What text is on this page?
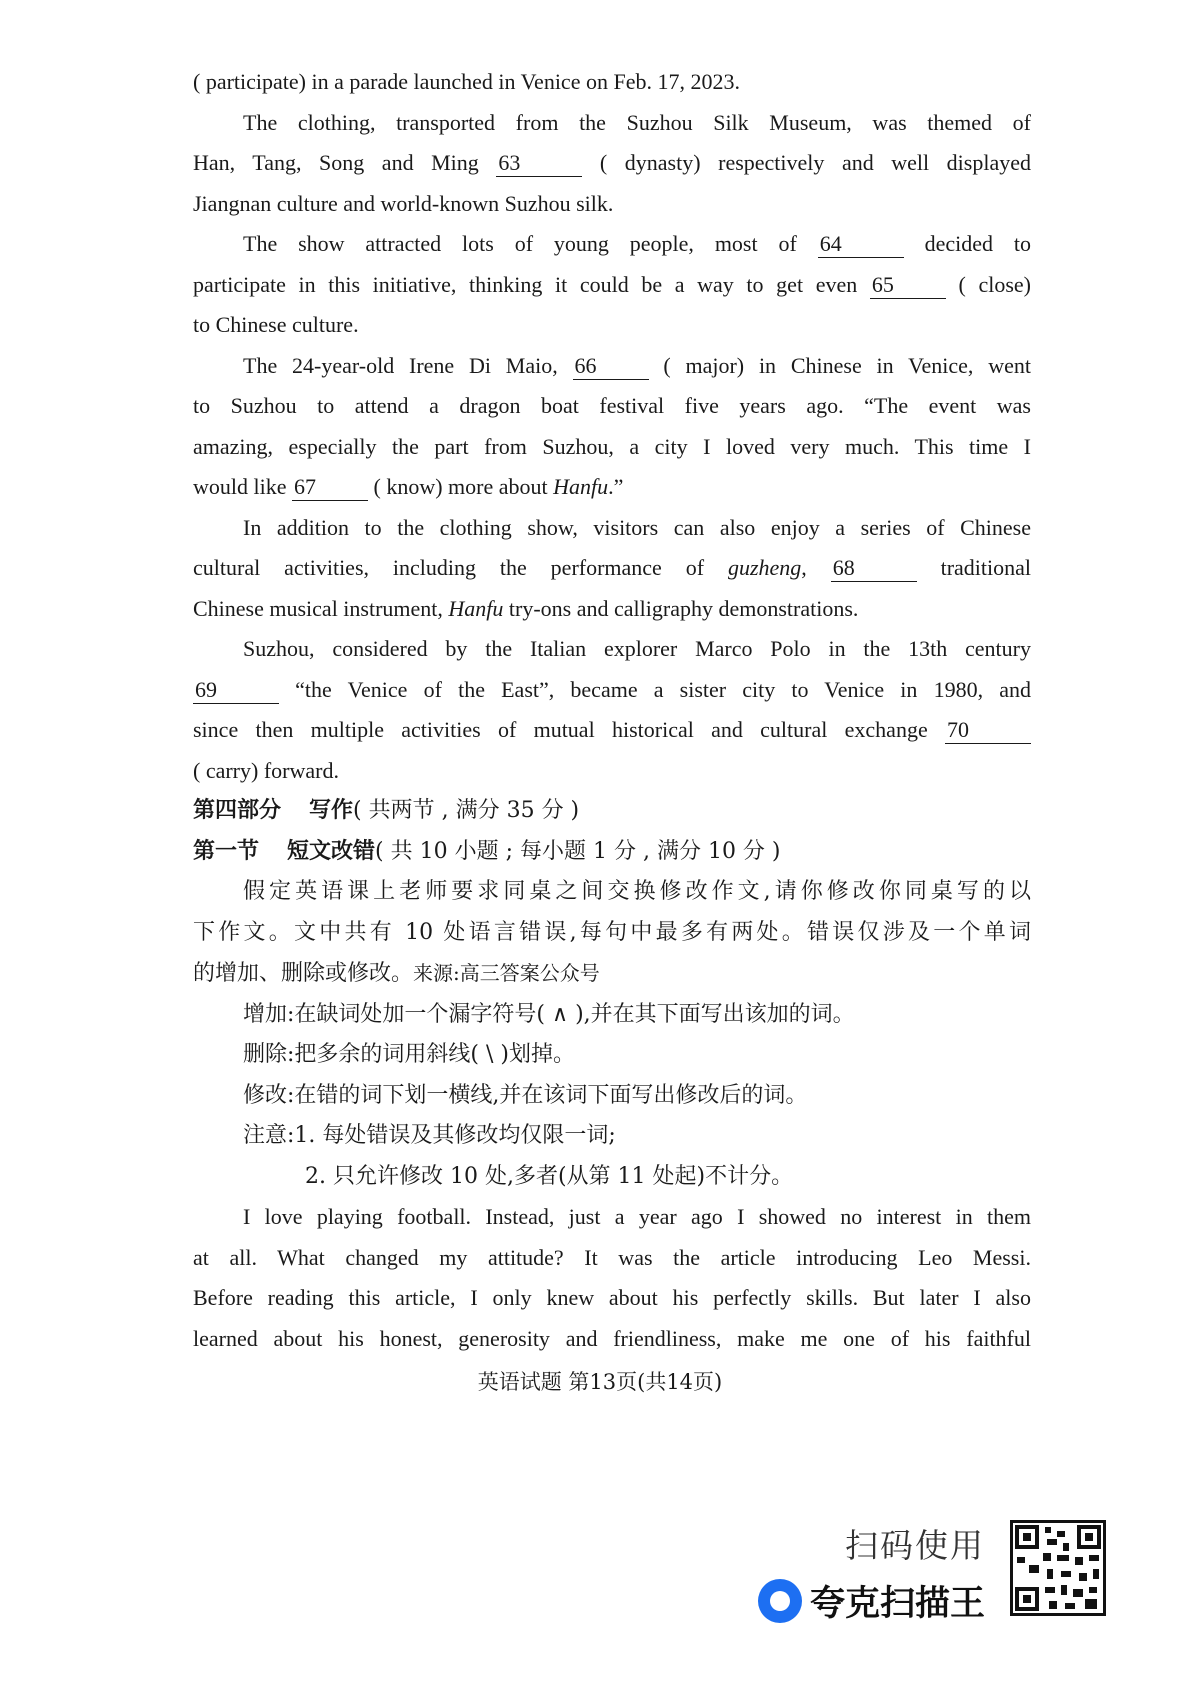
( participate) in a parade launched in Venice on Feb. 17, 2023.

The clothing, transported from the Suzhou Silk Museum, was themed of

Han, Tang, Song and Ming 63	( dynasty) respectively and well displayed

Jiangnan culture and world-known Suzhou silk.

The show attracted lots of young people, most of 64	decided to

participate in this initiative, thinking it could be a way to get even 65	( close)

to Chinese culture.

The 24-year-old Irene Di Maio, 66	( major) in Chinese in Venice, went

to Suzhou to attend a dragon boat festival five years ago. “The event was

amazing, especially the part from Suzhou, a city I loved very much. This time I

would like 67	( know) more about Hanfu.”

In addition to the clothing show, visitors can also enjoy a series of Chinese

cultural activities, including the performance of guzheng, 68	traditional

Chinese musical instrument, Hanfu try-ons and calligraphy demonstrations.

Suzhou, considered by the Italian explorer Marco Polo in the 13th century

69	“the Venice of the East”, became a sister city to Venice in 1980, and

since then multiple activities of mutual historical and cultural exchange 70

( carry) forward.

第四部分 写作( 共两节 , 满分 35 分 )

第一节 短文改错( 共 10 小题 ; 每小题 1 分 , 满分 10 分 )

假定英语课上老师要求同桌之间交换修改作文,请你修改你同桌写的以

下作文。文中共有 10 处语言错误,每句中最多有两处。错误仅涉及一个单词

的增加、删除或修改。来源:高三答案公众号

增加:在缺词处加一个漏字符号( ∧ ),并在其下面写出该加的词。

删除:把多余的词用斜线( \ )划掉。

修改:在错的词下划一横线,并在该词下面写出修改后的词。

注意:1. 每处错误及其修改均仅限一词;

2. 只允许修改 10 处,多者(从第 11 处起)不计分。

I love playing football. Instead, just a year ago I showed no interest in them

at all. What changed my attitude? It was the article introducing Leo Messi.

Before reading this article, I only knew about his perfectly skills. But later I also

learned about his honest, generosity and friendliness, make me one of his faithful

英语试题 第13页(共14页)
扫码使用
夸克扫描王
